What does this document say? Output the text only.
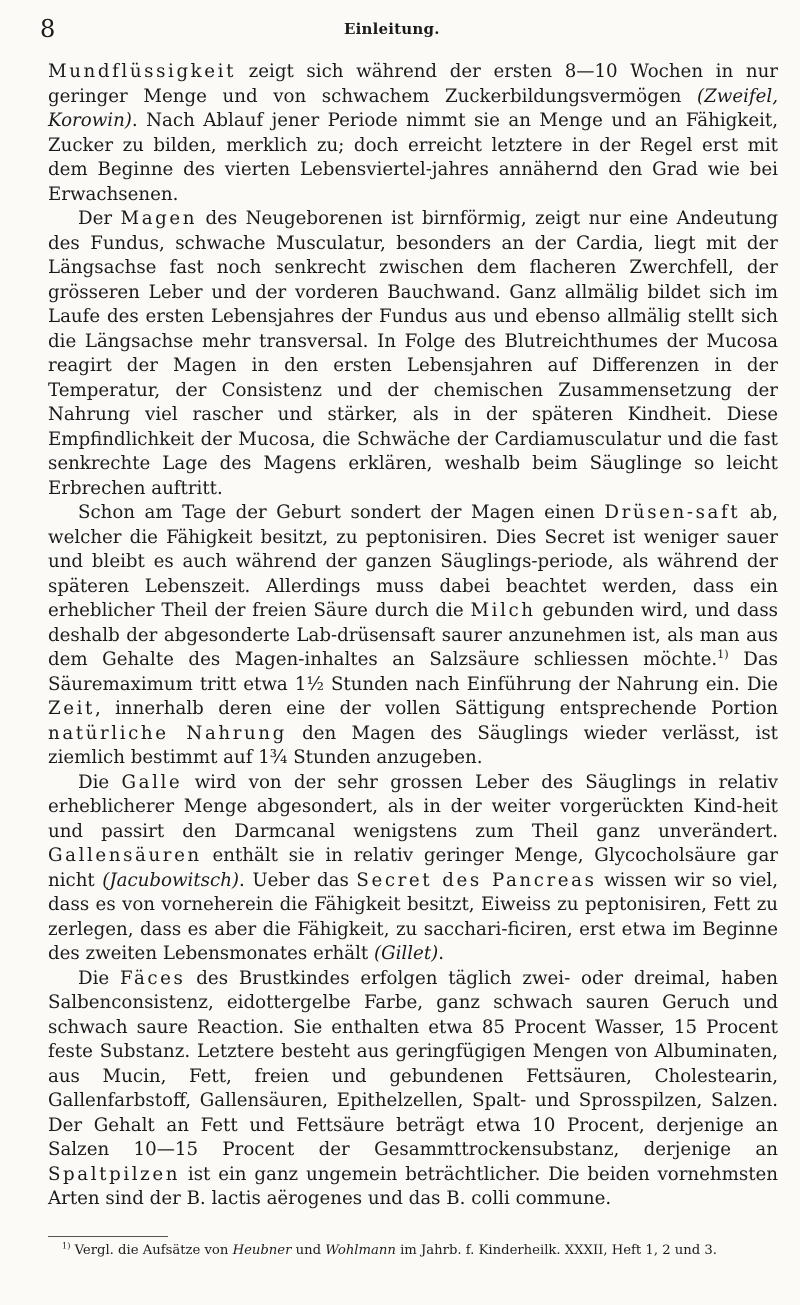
8	Einleitung.

Mundflüssigkeit zeigt sich während der ersten 8—10 Wochen in nur geringer Menge und von schwachem Zuckerbildungsvermögen (Zweifel, Korowin). Nach Ablauf jener Periode nimmt sie an Menge und an Fähigkeit, Zucker zu bilden, merklich zu; doch erreicht letztere in der Regel erst mit dem Beginne des vierten Lebensviertel-jahres annähernd den Grad wie bei Erwachsenen.

Der Magen des Neugeborenen ist birnförmig, zeigt nur eine Andeutung des Fundus, schwache Musculatur, besonders an der Cardia, liegt mit der Längsachse fast noch senkrecht zwischen dem flacheren Zwerchfell, der grösseren Leber und der vorderen Bauchwand. Ganz allmälig bildet sich im Laufe des ersten Lebensjahres der Fundus aus und ebenso allmälig stellt sich die Längsachse mehr transversal. In Folge des Blutreichthumes der Mucosa reagirt der Magen in den ersten Lebensjahren auf Differenzen in der Temperatur, der Consistenz und der chemischen Zusammensetzung der Nahrung viel rascher und stärker, als in der späteren Kindheit. Diese Empfindlichkeit der Mucosa, die Schwäche der Cardiamusculatur und die fast senkrechte Lage des Magens erklären, weshalb beim Säuglinge so leicht Erbrechen auftritt.

Schon am Tage der Geburt sondert der Magen einen Drüsen-saft ab, welcher die Fähigkeit besitzt, zu peptonisiren. Dies Secret ist weniger sauer und bleibt es auch während der ganzen Säuglings-periode, als während der späteren Lebenszeit. Allerdings muss dabei beachtet werden, dass ein erheblicher Theil der freien Säure durch die Milch gebunden wird, und dass deshalb der abgesonderte Lab-drüsensaft saurer anzunehmen ist, als man aus dem Gehalte des Magen-inhaltes an Salzsäure schliessen möchte.$^{1)}$ Das Säuremaximum tritt etwa 1½ Stunden nach Einführung der Nahrung ein. Die Zeit, innerhalb deren eine der vollen Sättigung entsprechende Portion natürliche Nahrung den Magen des Säuglings wieder verlässt, ist ziemlich bestimmt auf 1¾ Stunden anzugeben.

Die Galle wird von der sehr grossen Leber des Säuglings in relativ erheblicherer Menge abgesondert, als in der weiter vorgerückten Kind-heit und passirt den Darmcanal wenigstens zum Theil ganz unverändert. Gallensäuren enthält sie in relativ geringer Menge, Glycocholsäure gar nicht (Jacubowitsch). Ueber das Secret des Pancreas wissen wir so viel, dass es von vorneherein die Fähigkeit besitzt, Eiweiss zu peptonisiren, Fett zu zerlegen, dass es aber die Fähigkeit, zu sacchari-ficiren, erst etwa im Beginne des zweiten Lebensmonates erhält (Gillet).

Die Fäces des Brustkindes erfolgen täglich zwei- oder dreimal, haben Salbenconsistenz, eidottergelbe Farbe, ganz schwach sauren Geruch und schwach saure Reaction. Sie enthalten etwa 85 Procent Wasser, 15 Procent feste Substanz. Letztere besteht aus geringfügigen Mengen von Albuminaten, aus Mucin, Fett, freien und gebundenen Fettsäuren, Cholestearin, Gallenfarbstoff, Gallensäuren, Epithelzellen, Spalt- und Sprosspilzen, Salzen. Der Gehalt an Fett und Fettsäure beträgt etwa 10 Procent, derjenige an Salzen 10—15 Procent der Gesammttrockensubstanz, derjenige an Spaltpilzen ist ein ganz ungemein beträchtlicher. Die beiden vornehmsten Arten sind der B. lactis aërogenes und das B. colli commune.

$^{1)}$ Vergl. die Aufsätze von Heubner und Wohlmann im Jahrb. f. Kinderheilk. XXXII, Heft 1, 2 und 3.
